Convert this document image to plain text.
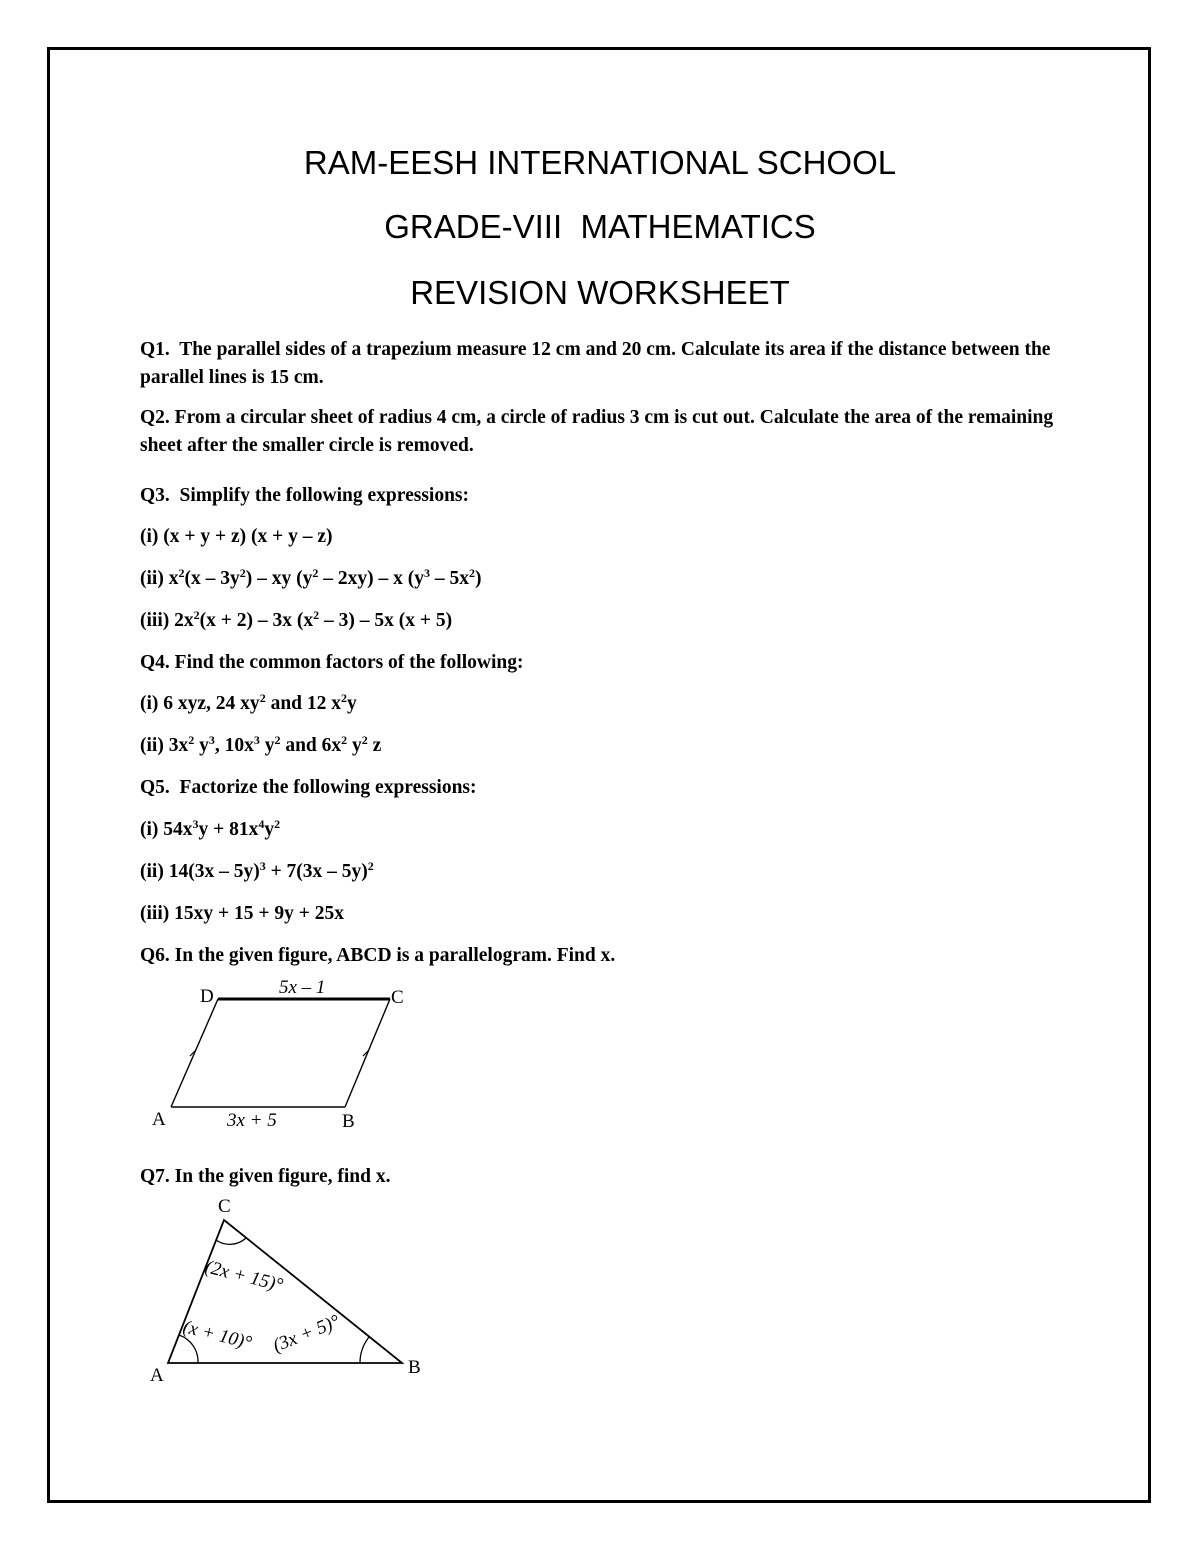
RAM-EESH INTERNATIONAL SCHOOL
GRADE-VIII  MATHEMATICS
REVISION WORKSHEET
Q1. The parallel sides of a trapezium measure 12 cm and 20 cm. Calculate its area if the distance between the parallel lines is 15 cm.
Q2. From a circular sheet of radius 4 cm, a circle of radius 3 cm is cut out. Calculate the area of the remaining sheet after the smaller circle is removed.
Q3. Simplify the following expressions:
(i) (x + y + z) (x + y – z)
(ii) $x^2(x - 3y^2)$ – xy $(y^2 - 2xy)$ – x $(y^3 - 5x^2)$
(iii) $2x^2(x + 2) - 3x$ $(x^2 - 3) - 5x$ (x + 5)
Q4. Find the common factors of the following:
(i) 6 xyz, 24 $xy^2$ and 12 $x^2y$
(ii) $3x^2$ $y^3$, $10x^3$ $y^2$ and $6x^2$ $y^2$ z
Q5. Factorize the following expressions:
(i) $54x^3y + 81x^4y^2$
(ii) 14(3x – 5y)$^3$ + 7(3x – 5y)$^2$
(iii) 15xy + 15 + 9y + 25x
Q6. In the given figure, ABCD is a parallelogram. Find x.
D	C
A	B
5x – 1
3x + 5
Q7. In the given figure, find x.
C
A	B
(2x + 15)°
(x + 10)° (3x + 5)°
